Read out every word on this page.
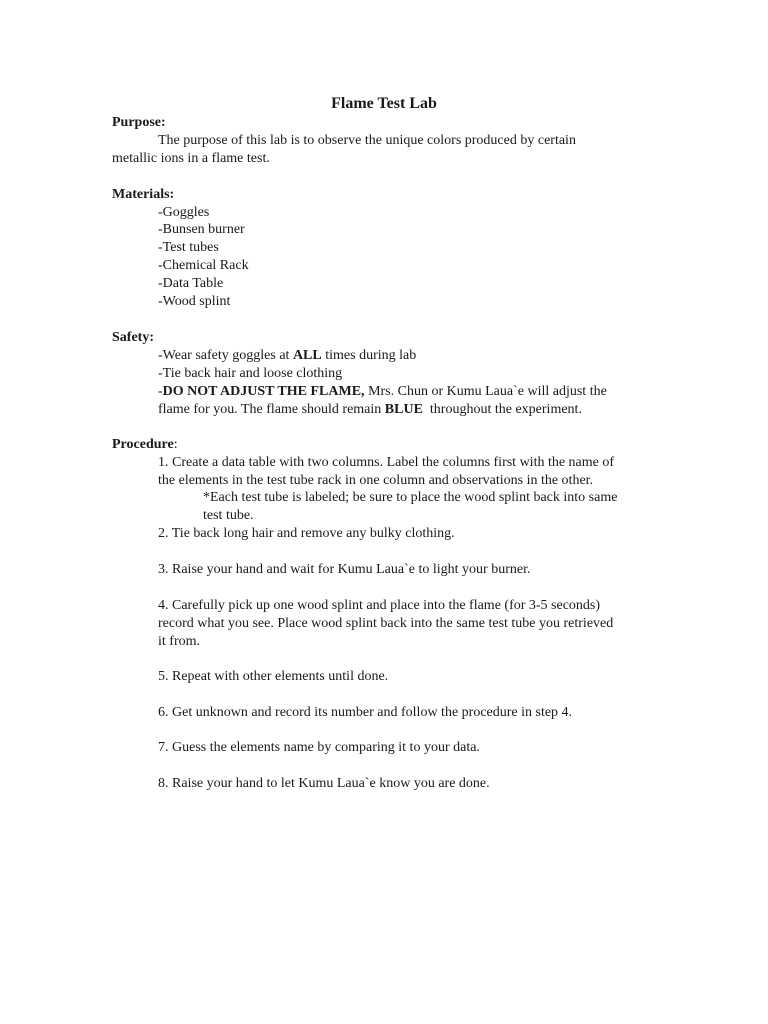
Flame Test Lab
Purpose:
The purpose of this lab is to observe the unique colors produced by certain
metallic ions in a flame test.
Materials:
-Goggles
-Bunsen burner
-Test tubes
-Chemical Rack
-Data Table
-Wood splint
Safety:
-Wear safety goggles at ALL times during lab
-Tie back hair and loose clothing
-DO NOT ADJUST THE FLAME, Mrs. Chun or Kumu Laua`e will adjust the
flame for you. The flame should remain BLUE  throughout the experiment.
Procedure:
1. Create a data table with two columns. Label the columns first with the name of
the elements in the test tube rack in one column and observations in the other.
*Each test tube is labeled; be sure to place the wood splint back into same
test tube.
2. Tie back long hair and remove any bulky clothing.
3. Raise your hand and wait for Kumu Laua`e to light your burner.
4. Carefully pick up one wood splint and place into the flame (for 3-5 seconds)
record what you see. Place wood splint back into the same test tube you retrieved
it from.
5. Repeat with other elements until done.
6. Get unknown and record its number and follow the procedure in step 4.
7. Guess the elements name by comparing it to your data.
8. Raise your hand to let Kumu Laua`e know you are done.
